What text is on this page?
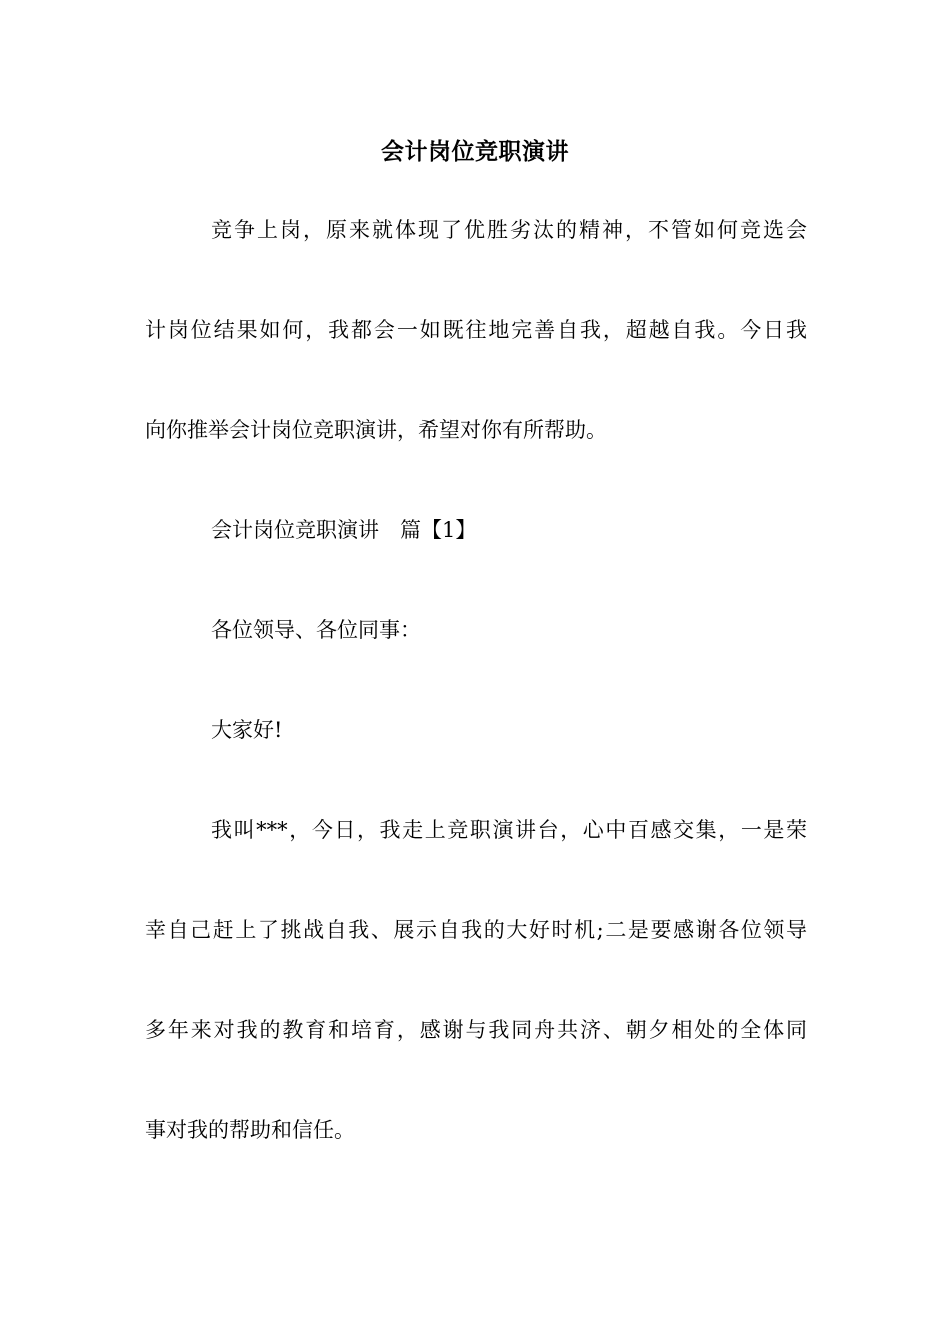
会计岗位竞职演讲
竞争上岗，原来就体现了优胜劣汰的精神，不管如何竞选会
计岗位结果如何，我都会一如既往地完善自我，超越自我。今日我
向你推举会计岗位竞职演讲，希望对你有所帮助。
会计岗位竞职演讲　篇【1】
各位领导、各位同事：
大家好!
我叫***，今日，我走上竞职演讲台，心中百感交集，一是荣
幸自己赶上了挑战自我、展示自我的大好时机;二是要感谢各位领导
多年来对我的教育和培育，感谢与我同舟共济、朝夕相处的全体同
事对我的帮助和信任。
